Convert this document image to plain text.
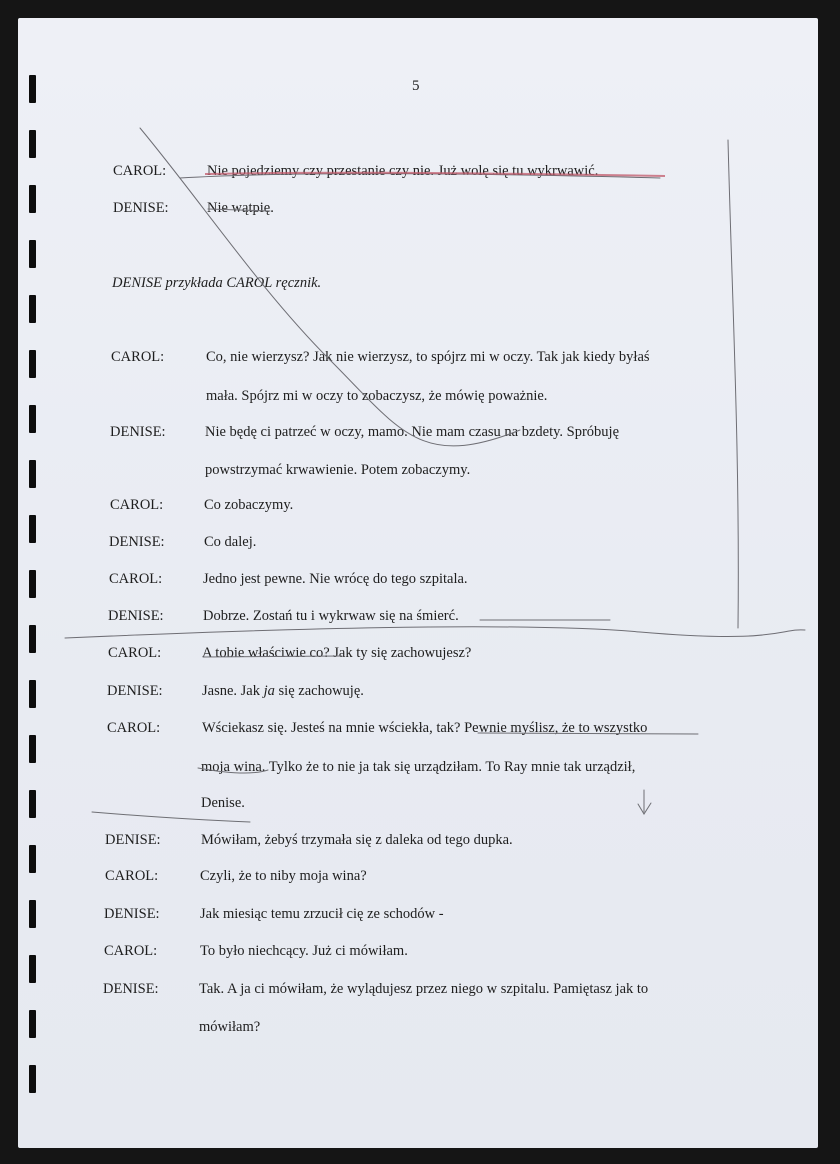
5
CAROL:	Nie pojedziemy czy przestanie czy nie. Już wolę się tu wykrwawić.
DENISE:	Nie wątpię.
DENISE przykłada CAROL ręcznik.
CAROL:	Co, nie wierzysz? Jak nie wierzysz, to spójrz mi w oczy. Tak jak kiedy byłaś
mała. Spójrz mi w oczy to zobaczysz, że mówię poważnie.
DENISE:	Nie będę ci patrzeć w oczy, mamo. Nie mam czasu na bzdety. Spróbuję
powstrzymać krwawienie. Potem zobaczymy.
CAROL:	Co zobaczymy.
DENISE:	Co dalej.
CAROL:	Jedno jest pewne. Nie wrócę do tego szpitala.
DENISE:	Dobrze. Zostań tu i wykrwaw się na śmierć.
CAROL:	A tobie właściwie co? Jak ty się zachowujesz?
DENISE:	Jasne. Jak ja się zachowuję.
CAROL:	Wściekasz się. Jesteś na mnie wściekła, tak? Pewnie myślisz, że to wszystko
moja wina. Tylko że to nie ja tak się urządziłam. To Ray mnie tak urządził,
Denise.
DENISE:	Mówiłam, żebyś trzymała się z daleka od tego dupka.
CAROL:	Czyli, że to niby moja wina?
DENISE:	Jak miesiąc temu zrzucił cię ze schodów -
CAROL:	To było niechcący. Już ci mówiłam.
DENISE:	Tak. A ja ci mówiłam, że wylądujesz przez niego w szpitalu. Pamiętasz jak to
mówiłam?
